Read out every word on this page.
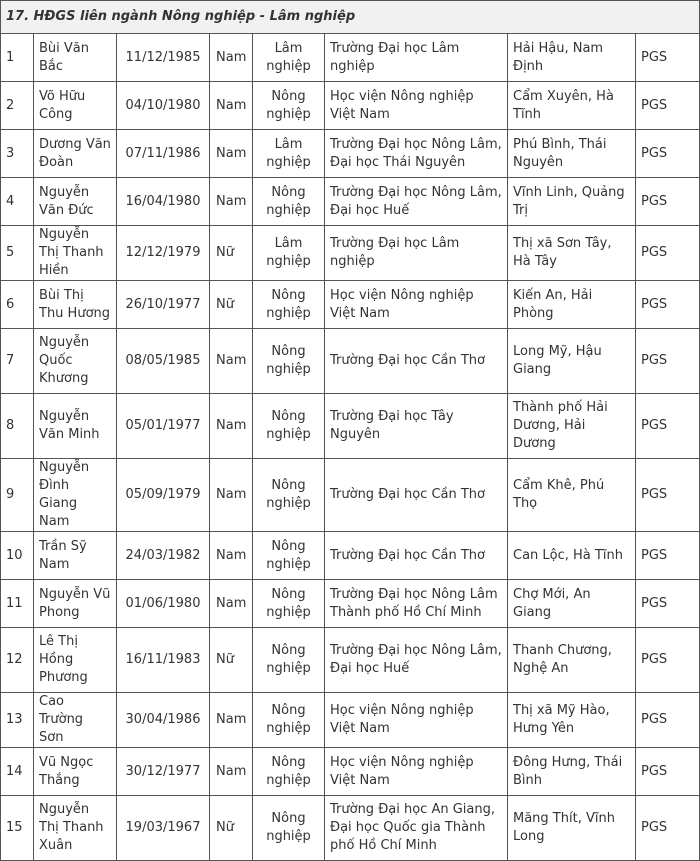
17. HĐGS liên ngành Nông nghiệp - Lâm nghiệp							
1	Bùi Văn Bắc	11/12/1985	Nam	Lâm nghiệp	Trường Đại học Lâm nghiệp	Hải Hậu, Nam Định	PGS
2	Võ Hữu Công	04/10/1980	Nam	Nông nghiệp	Học viện Nông nghiệp Việt Nam	Cẩm Xuyên, Hà Tĩnh	PGS
3	Dương Văn Đoàn	07/11/1986	Nam	Lâm nghiệp	Trường Đại học Nông Lâm, Đại học Thái Nguyên	Phú Bình, Thái Nguyên	PGS
4	Nguyễn Văn Đức	16/04/1980	Nam	Nông nghiệp	Trường Đại học Nông Lâm, Đại học Huế	Vĩnh Linh, Quảng Trị	PGS
5	Nguyễn Thị Thanh Hiền	12/12/1979	Nữ	Lâm nghiệp	Trường Đại học Lâm nghiệp	Thị xã Sơn Tây, Hà Tây	PGS
6	Bùi Thị Thu Hương	26/10/1977	Nữ	Nông nghiệp	Học viện Nông nghiệp Việt Nam	Kiến An, Hải Phòng	PGS
7	Nguyễn Quốc Khương	08/05/1985	Nam	Nông nghiệp	Trường Đại học Cần Thơ	Long Mỹ, Hậu Giang	PGS
8	Nguyễn Văn Minh	05/01/1977	Nam	Nông nghiệp	Trường Đại học Tây Nguyên	Thành phố Hải Dương, Hải Dương	PGS
9	Nguyễn Đình Giang Nam	05/09/1979	Nam	Nông nghiệp	Trường Đại học Cần Thơ	Cẩm Khê, Phú Thọ	PGS
10	Trần Sỹ Nam	24/03/1982	Nam	Nông nghiệp	Trường Đại học Cần Thơ	Can Lộc, Hà Tĩnh	PGS
11	Nguyễn Vũ Phong	01/06/1980	Nam	Nông nghiệp	Trường Đại học Nông Lâm Thành phố Hồ Chí Minh	Chợ Mới, An Giang	PGS
12	Lê Thị Hồng Phương	16/11/1983	Nữ	Nông nghiệp	Trường Đại học Nông Lâm, Đại học Huế	Thanh Chương, Nghệ An	PGS
13	Cao Trường Sơn	30/04/1986	Nam	Nông nghiệp	Học viện Nông nghiệp Việt Nam	Thị xã Mỹ Hào, Hưng Yên	PGS
14	Vũ Ngọc Thắng	30/12/1977	Nam	Nông nghiệp	Học viện Nông nghiệp Việt Nam	Đông Hưng, Thái Bình	PGS
15	Nguyễn Thị Thanh Xuân	19/03/1967	Nữ	Nông nghiệp	Trường Đại học An Giang, Đại học Quốc gia Thành phố Hồ Chí Minh	Măng Thít, Vĩnh Long	PGS
